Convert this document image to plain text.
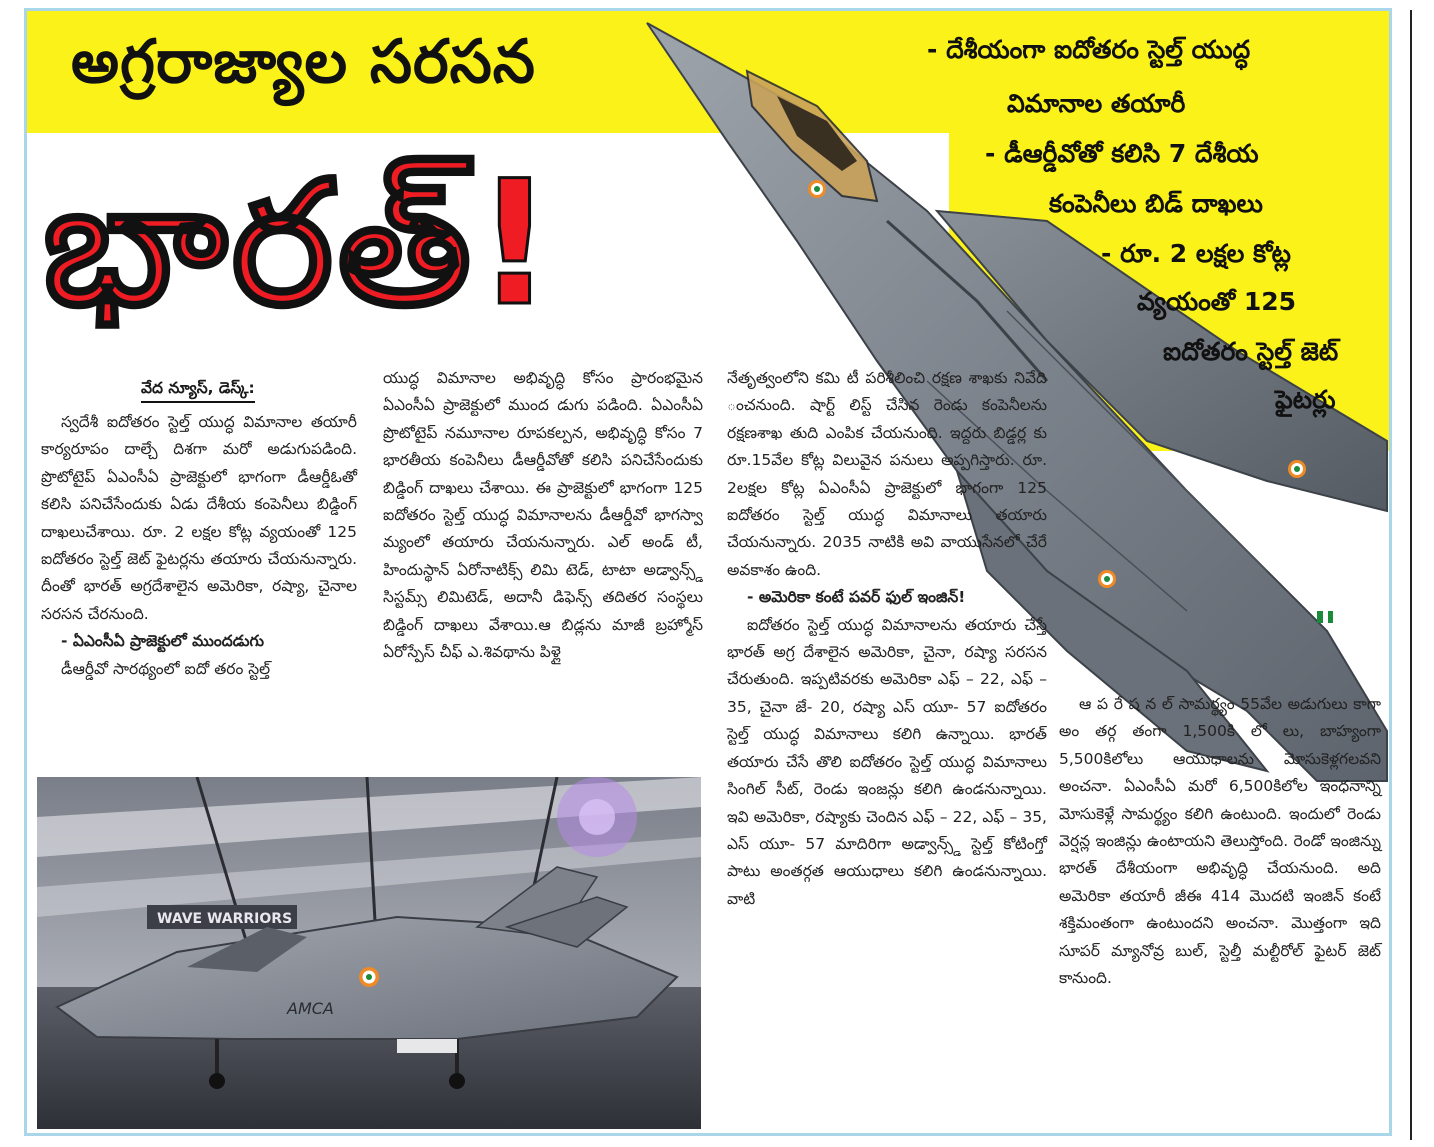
అగ్రరాజ్యాల సరసన
భారత్!
- దేశీయంగా ఐదోతరం స్టెల్త్ యుద్ధ
విమానాల తయారీ
- డీఆర్డీవోతో కలిసి 7 దేశీయ
కంపెనీలు బిడ్ దాఖలు
- రూ. 2 లక్షల కోట్ల
వ్యయంతో 125
ఐదోతరం స్టెల్త్ జెట్
ఫైటర్లు
వేద న్యూస్, డెస్క్:

స్వదేశీ ఐదోతరం స్టెల్త్ యుద్ధ విమానాల తయారీ కార్యరూపం దాల్చే దిశగా మరో అడుగుపడింది. ప్రొటోటైప్ ఏఎంసీఏ ప్రాజెక్టులో భాగంగా డీఆర్డీఓతో కలిసి పనిచేసేందుకు ఏడు దేశీయ కంపెనీలు బిడ్డింగ్ దాఖలుచేశాయి. రూ. 2 లక్షల కోట్ల వ్యయంతో 125 ఐదోతరం స్టెల్త్ జెట్ ఫైటర్లను తయారు చేయనున్నారు. దీంతో భారత్ అగ్రదేశాలైన అమెరికా, రష్యా, చైనాల సరసన చేరనుంది.

- ఏఎంసీఏ ప్రాజెక్టులో ముందడుగు

డీఆర్డీవో సారథ్యంలో ఐదో తరం స్టెల్త్

యుద్ధ విమానాల అభివృద్ధి కోసం ప్రారంభమైన ఏఎంసీఏ ప్రాజెక్టులో ముంద డుగు పడింది. ఏఎంసీఏ ప్రొటోటైప్ నమూనాల రూపకల్పన, అభివృద్ధి కోసం 7 భారతీయ కంపెనీలు డీఆర్డీవోతో కలిసి పనిచేసేందుకు బిడ్డింగ్ దాఖలు చేశాయి. ఈ ప్రాజెక్టులో భాగంగా 125 ఐదోతరం స్టెల్త్ యుద్ధ విమానాలను డీఆర్డీవో భాగస్వా మ్యంలో తయారు చేయనున్నారు. ఎల్ అండ్ టీ, హిందుస్థాన్ ఏరోనాటిక్స్ లిమి టెడ్, టాటా అడ్వాన్స్డ్ సిస్టమ్స్ లిమిటెడ్, అదానీ డిఫెన్స్ తదితర సంస్థలు బిడ్డింగ్ దాఖలు వేశాయి.ఆ బిడ్లను మాజీ బ్రహ్మోస్ ఏరోస్పేస్ చీఫ్ ఎ.శివథాను పిళ్లై

నేతృత్వంలోని కమి టీ పరిశీలించి రక్షణ శాఖకు నివేది ంచనుంది. షార్ట్ లిస్ట్ చేసిన రెండు కంపెనీలను రక్షణశాఖ తుది ఎంపిక చేయనుంది. ఇద్దరు బిడ్డర్ల కు రూ.15వేల కోట్ల విలువైన పనులు అప్పగిస్తారు. రూ. 2లక్షల కోట్ల ఏఎంసీఏ ప్రాజెక్టులో భాగంగా 125 ఐదోతరం స్టెల్త్ యుద్ధ విమానాలు తయారు చేయనున్నారు. 2035 నాటికి అవి వాయుసేనలో చేరే అవకాశం ఉంది.

- అమెరికా కంటే పవర్ ఫుల్ ఇంజిన్!

ఐదోతరం స్టెల్త్ యుద్ధ విమానాలను తయారు చేస్తే భారత్ అగ్ర దేశాలైన అమెరికా, చైనా, రష్యా సరసన చేరుతుంది. ఇప్పటివరకు అమెరికా ఎఫ్ – 22, ఎఫ్ – 35, చైనా జే- 20, రష్యా ఎస్ యూ- 57 ఐదోతరం స్టెల్త్ యుద్ధ విమానాలు కలిగి ఉన్నాయి. భారత్ తయారు చేసే తొలి ఐదోతరం స్టెల్త్ యుద్ధ విమానాలు సింగిల్ సీట్, రెండు ఇంజన్లు కలిగి ఉండనున్నాయి. ఇవి అమెరికా, రష్యాకు చెందిన ఎఫ్ – 22, ఎఫ్ – 35, ఎస్ యూ- 57 మాదిరిగా అడ్వాన్స్డ్ స్టెల్త్ కోటింగ్తో పాటు అంతర్గత ఆయుధాలు కలిగి ఉండనున్నాయి. వాటి

ఆ ప రే ష న ల్ సామర్థ్యం 55వేల అడుగులు కాగా అం తర్గ తంగా 1,500కి లో లు, బాహ్యంగా 5,500కిలోలు ఆయుధాలను మోసుకెళ్లగలవని అంచనా. ఏఎంసీఏ మరో 6,500కిలోల ఇంధనాన్ని మోసుకెళ్లే సామర్థ్యం కలిగి ఉంటుంది. ఇందులో రెండు వెర్షన్ల ఇంజిన్లు ఉంటాయని తెలుస్తోంది. రెండో ఇంజిన్ను భారత్ దేశీయంగా అభివృద్ధి చేయనుంది. అది అమెరికా తయారీ జీఈ 414 మొదటి ఇంజిన్ కంటే శక్తిమంతంగా ఉంటుందని అంచనా. మొత్తంగా ఇది సూపర్ మ్యానోవ్ర బుల్, స్టెల్తీ మల్టీరోల్ ఫైటర్ జెట్ కానుంది.

WAVE WARRIORS
AMCA
